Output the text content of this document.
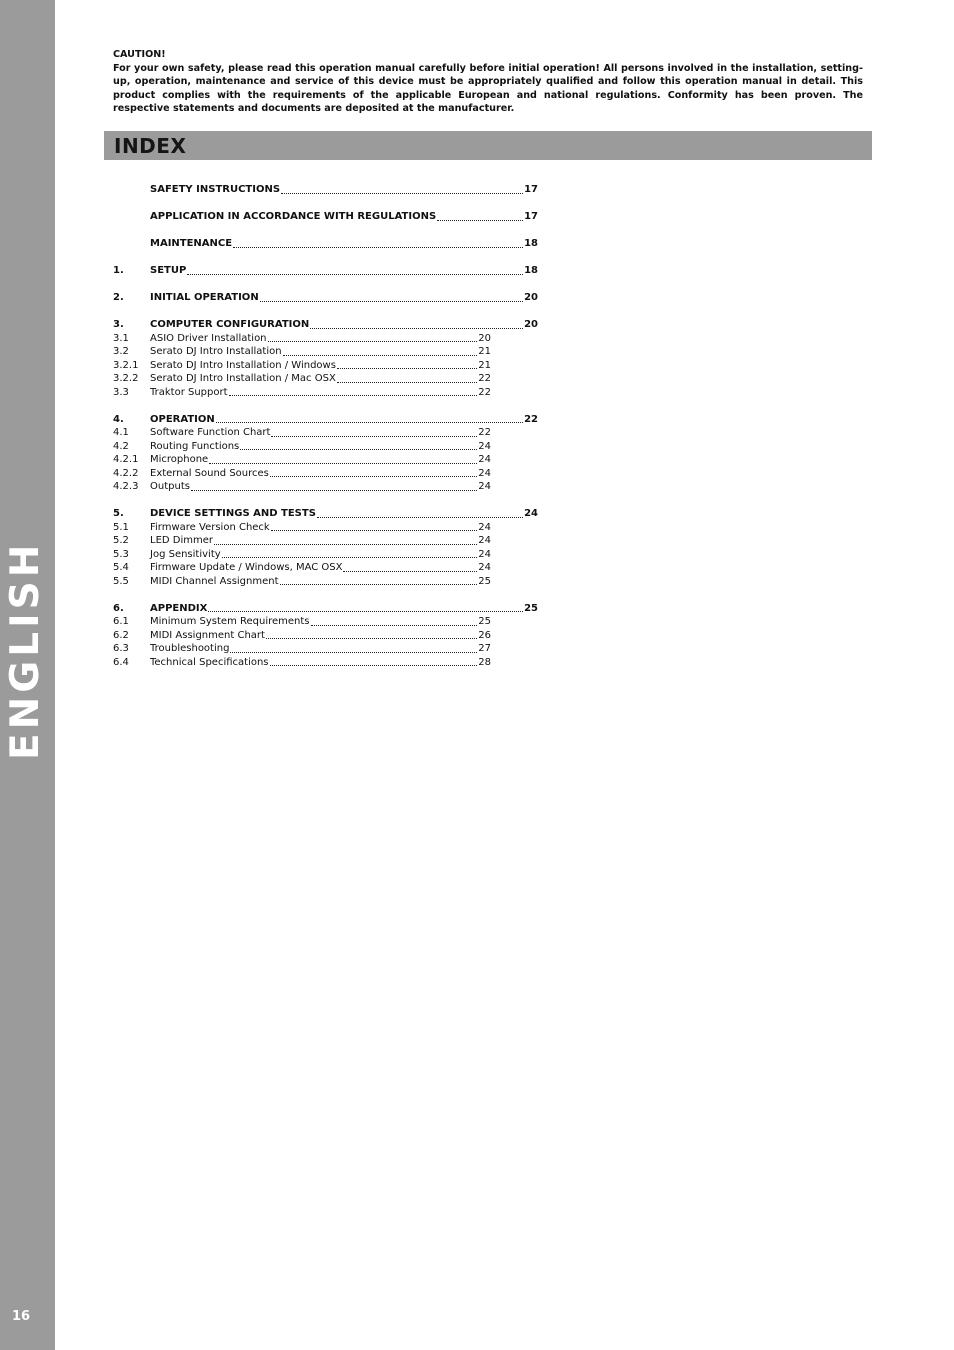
ENGLISH
16
CAUTION!
For your own safety, please read this operation manual carefully before initial operation! All persons involved in the installation, setting-up, operation, maintenance and service of this device must be appropriately qualified and follow this operation manual in detail. This product complies with the requirements of the applicable European and national regulations. Conformity has been proven. The respective statements and documents are deposited at the manufacturer.
INDEX
SAFETY INSTRUCTIONS	17
APPLICATION IN ACCORDANCE WITH REGULATIONS	17
MAINTENANCE	18
1.	SETUP	18
2.	INITIAL OPERATION	20
3.	COMPUTER CONFIGURATION	20
3.1	ASIO Driver Installation	20
3.2	Serato DJ Intro Installation	21
3.2.1	Serato DJ Intro Installation / Windows	21
3.2.2	Serato DJ Intro Installation / Mac OSX	22
3.3	Traktor Support	22
4.	OPERATION	22
4.1	Software Function Chart	22
4.2	Routing Functions	24
4.2.1	Microphone	24
4.2.2	External Sound Sources	24
4.2.3	Outputs	24
5.	DEVICE SETTINGS AND TESTS	24
5.1	Firmware Version Check	24
5.2	LED Dimmer	24
5.3	Jog Sensitivity	24
5.4	Firmware Update / Windows, MAC OSX	24
5.5	MIDI Channel Assignment	25
6.	APPENDIX	25
6.1	Minimum System Requirements	25
6.2	MIDI Assignment Chart	26
6.3	Troubleshooting	27
6.4	Technical Specifications	28
